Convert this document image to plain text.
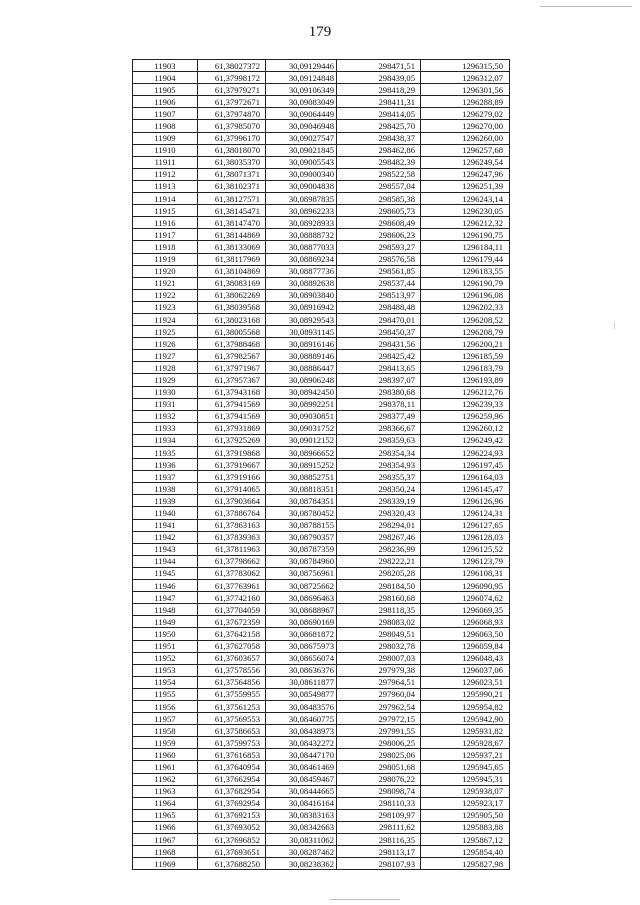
179
11903	61,38027372	30,09129446	298471,51	1296315,50
11904	61,37998172	30,09124848	298439,05	1296312,07
11905	61,37979271	30,09106349	298418,29	1296301,56
11906	61,37972671	30,09083049	298411,31	1296288,89
11907	61,37974870	30,09064449	298414,05	1296279,02
11908	61,37985070	30,09046948	298425,70	1296270,00
11909	61,37996170	30,09027547	298438,37	1296260,00
11910	61,38018070	30,09021845	298462,86	1296257,68
11911	61,38035370	30,09005543	298482,39	1296249,54
11912	61,38071371	30,09000340	298522,58	1296247,96
11913	61,38102371	30,09004838	298557,04	1296251,39
11914	61,38127571	30,08987835	298585,38	1296243,14
11915	61,38145471	30,08962233	298605,73	1296230,05
11916	61,38147470	30,08928933	298608,49	1296212,32
11917	61,38144869	30,08888732	298606,23	1296190,75
11918	61,38133069	30,08877033	298593,27	1296184,11
11919	61,38117969	30,08869234	298576,58	1296179,44
11920	61,38104869	30,08877736	298561,85	1296183,55
11921	61,38083169	30,08892638	298537,44	1296190,79
11922	61,38062269	30,08903840	298513,97	1296196,08
11923	61,38039568	30,08916942	298488,48	1296202,33
11924	61,38023168	30,08929543	298470,01	1296208,52
11925	61,38005568	30,08931145	298450,37	1296208,79
11926	61,37988468	30,08916146	298431,56	1296200,21
11927	61,37982567	30,08889146	298425,42	1296185,59
11928	61,37971967	30,08886447	298413,65	1296183,79
11929	61,37957367	30,08906248	298397,07	1296193,89
11930	61,37943168	30,08942450	298380,68	1296212,76
11931	61,37941569	30,08992251	298378,11	1296239,33
11932	61,37941569	30,09030851	298377,49	1296259,96
11933	61,37931869	30,09031752	298366,67	1296260,12
11934	61,37925269	30,09012152	298359,63	1296249,42
11935	61,37919868	30,08966652	298354,34	1296224,93
11936	61,37919667	30,08915252	298354,93	1296197,45
11937	61,37919166	30,08852751	298355,37	1296164,03
11938	61,37914065	30,08818351	298350,24	1296145,47
11939	61,37903664	30,08784351	298339,19	1296126,96
11940	61,37886764	30,08780452	298320,43	1296124,31
11941	61,37863163	30,08788155	298294,01	1296127,65
11942	61,37839363	30,08790357	298267,46	1296128,03
11943	61,37811963	30,08787359	298236,99	1296125,52
11944	61,37798662	30,08784960	298222,21	1296123,79
11945	61,37783062	30,08756961	298205,28	1296108,31
11946	61,37763961	30,08725662	298184,50	1296090,95
11947	61,37742160	30,08696463	298160,68	1296074,62
11948	61,37704059	30,08688967	298118,35	1296069,35
11949	61,37672359	30,08690169	298083,02	1296068,93
11950	61,37642158	30,08681872	298049,51	1296063,50
11951	61,37627058	30,08675973	298032,78	1296059,84
11952	61,37603657	30,08656074	298007,03	1296048,43
11953	61,37578556	30,08636376	297979,38	1296037,06
11954	61,37564856	30,08611877	297964,51	1296023,51
11955	61,37559955	30,08549877	297960,04	1295990,21
11956	61,37561253	30,08483576	297962,54	1295954,82
11957	61,37569553	30,08460775	297972,15	1295942,90
11958	61,37586653	30,08438973	297991,55	1295931,82
11959	61,37599753	30,08432272	298006,25	1295928,67
11960	61,37616853	30,08447170	298025,06	1295937,21
11961	61,37640954	30,08461469	298051,68	1295945,65
11962	61,37662954	30,08459467	298076,22	1295945,31
11963	61,37682954	30,08444665	298098,74	1295938,07
11964	61,37692954	30,08416164	298110,33	1295923,17
11965	61,37692153	30,08383163	298109,97	1295905,50
11966	61,37693052	30,08342663	298111,62	1295883,88
11967	61,37696852	30,08311062	298116,35	1295867,12
11968	61,37693651	30,08287462	298113,17	1295854,40
11969	61,37688250	30,08238362	298107,93	1295827,98
